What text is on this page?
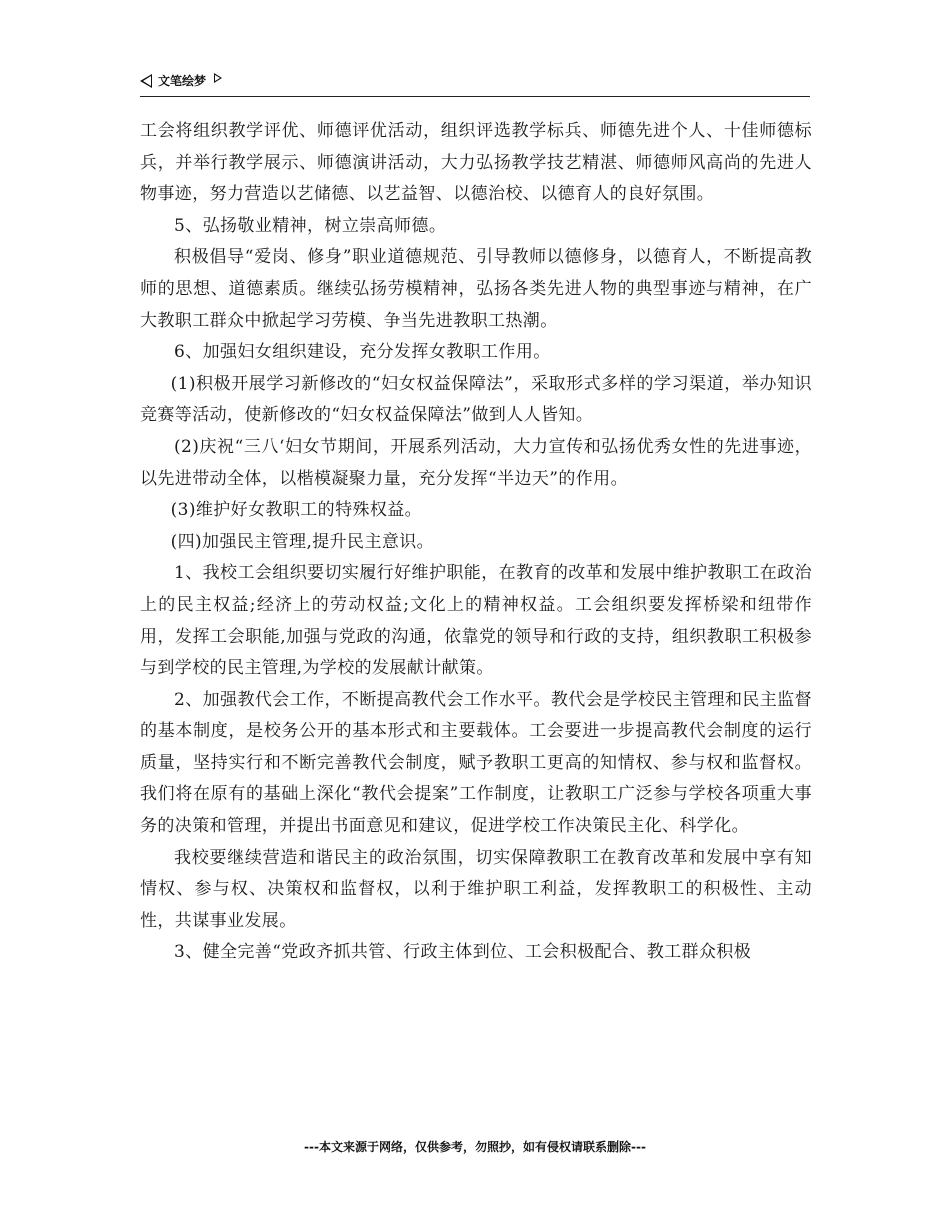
文笔绘梦

工会将组织教学评优、师德评优活动，组织评选教学标兵、师德先进个人、十佳师德标兵，并举行教学展示、师德演讲活动，大力弘扬教学技艺精湛、师德师风高尚的先进人物事迹，努力营造以艺储德、以艺益智、以德治校、以德育人的良好氛围。

5、弘扬敬业精神，树立崇高师德。

积极倡导“爱岗、修身”职业道德规范、引导教师以德修身，以德育人，不断提高教师的思想、道德素质。继续弘扬劳模精神，弘扬各类先进人物的典型事迹与精神，在广大教职工群众中掀起学习劳模、争当先进教职工热潮。

6、加强妇女组织建设，充分发挥女教职工作用。

(1)积极开展学习新修改的“妇女权益保障法”，采取形式多样的学习渠道，举办知识竞赛等活动，使新修改的“妇女权益保障法”做到人人皆知。

(2)庆祝“三八‘妇女节期间，开展系列活动，大力宣传和弘扬优秀女性的先进事迹，以先进带动全体，以楷模凝聚力量，充分发挥“半边天”的作用。

(3)维护好女教职工的特殊权益。

(四)加强民主管理,提升民主意识。

1、我校工会组织要切实履行好维护职能，在教育的改革和发展中维护教职工在政治上的民主权益;经济上的劳动权益;文化上的精神权益。工会组织要发挥桥梁和纽带作用，发挥工会职能,加强与党政的沟通，依靠党的领导和行政的支持，组织教职工积极参与到学校的民主管理,为学校的发展献计献策。

2、加强教代会工作，不断提高教代会工作水平。教代会是学校民主管理和民主监督的基本制度，是校务公开的基本形式和主要载体。工会要进一步提高教代会制度的运行质量，坚持实行和不断完善教代会制度，赋予教职工更高的知情权、参与权和监督权。我们将在原有的基础上深化“教代会提案”工作制度，让教职工广泛参与学校各项重大事务的决策和管理，并提出书面意见和建议，促进学校工作决策民主化、科学化。

我校要继续营造和谐民主的政治氛围，切实保障教职工在教育改革和发展中享有知情权、参与权、决策权和监督权，以利于维护职工利益，发挥教职工的积极性、主动性，共谋事业发展。

3、健全完善“党政齐抓共管、行政主体到位、工会积极配合、教工群众积极

---本文来源于网络，仅供参考，勿照抄，如有侵权请联系删除---
